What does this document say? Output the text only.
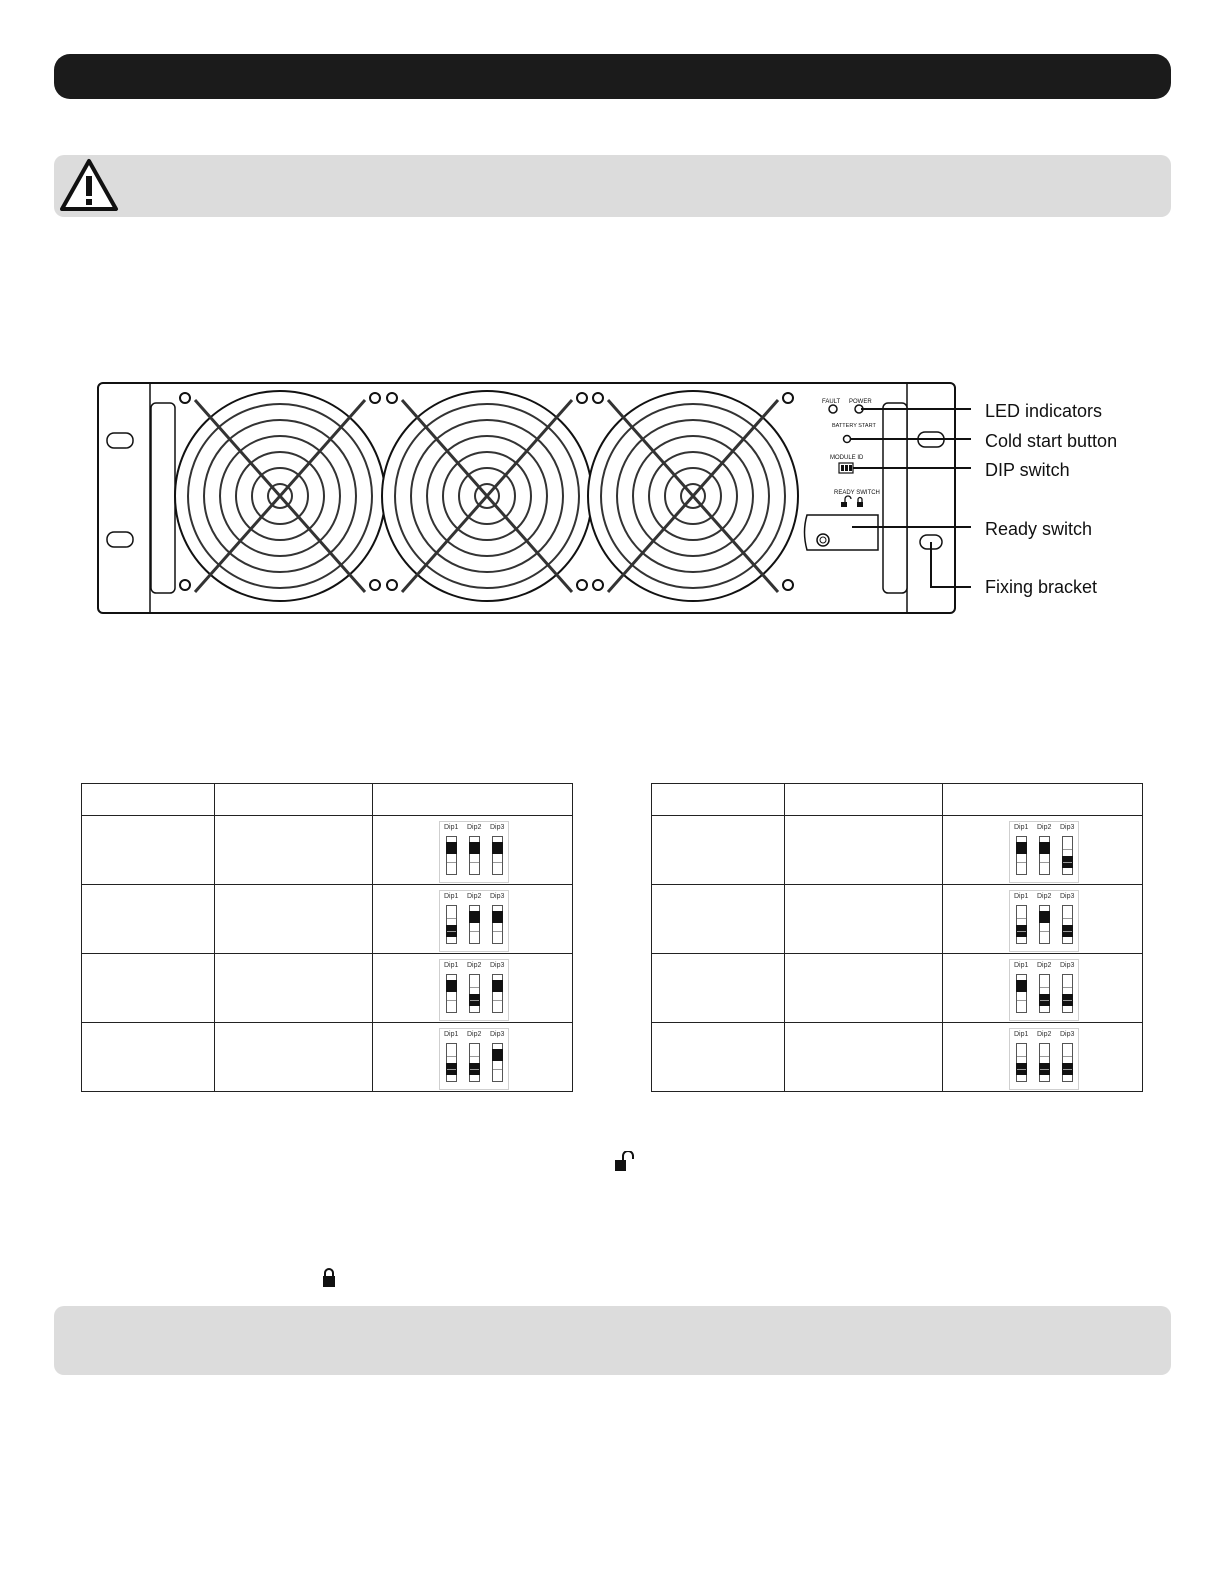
FAULT POWER
BATTERY START
MODULE ID
READY SWITCH
LED indicators
Cold start button
DIP switch
Ready switch
Fixing bracket

		Dip1 Dip2 Dip3

		Dip1 Dip2 Dip3

		Dip1 Dip2 Dip3

		Dip1 Dip2 Dip3

		Dip1 Dip2 Dip3

		Dip1 Dip2 Dip3

		Dip1 Dip2 Dip3

		Dip1 Dip2 Dip3
